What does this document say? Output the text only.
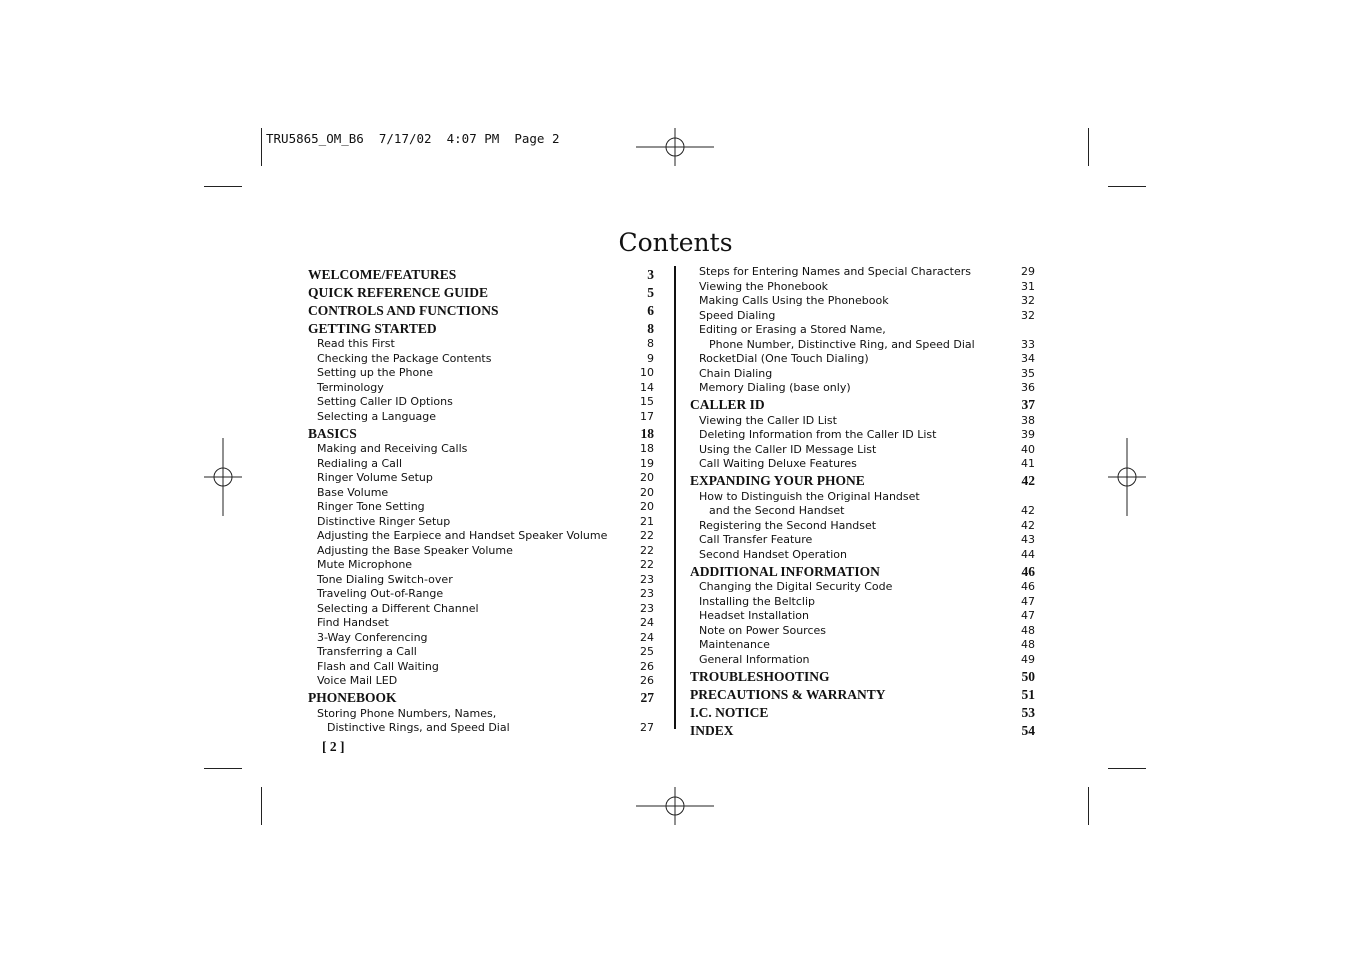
TRU5865_OM_B6  7/17/02  4:07 PM  Page 2
Contents
WELCOME/FEATURES	3
QUICK REFERENCE GUIDE	5
CONTROLS AND FUNCTIONS	6
GETTING STARTED	8
Read this First	8
Checking the Package Contents	9
Setting up the Phone	10
Terminology	14
Setting Caller ID Options	15
Selecting a Language	17
BASICS	18
Making and Receiving Calls	18
Redialing a Call	19
Ringer Volume Setup	20
Base Volume	20
Ringer Tone Setting	20
Distinctive Ringer Setup	21
Adjusting the Earpiece and Handset Speaker Volume	22
Adjusting the Base Speaker Volume	22
Mute Microphone	22
Tone Dialing Switch-over	23
Traveling Out-of-Range	23
Selecting a Different Channel	23
Find Handset	24
3-Way Conferencing	24
Transferring a Call	25
Flash and Call Waiting	26
Voice Mail LED	26
PHONEBOOK	27
Storing Phone Numbers, Names,
Distinctive Rings, and Speed Dial	27
Steps for Entering Names and Special Characters	29
Viewing the Phonebook	31
Making Calls Using the Phonebook	32
Speed Dialing	32
Editing or Erasing a Stored Name,
Phone Number, Distinctive Ring, and Speed Dial	33
RocketDial (One Touch Dialing)	34
Chain Dialing	35
Memory Dialing (base only)	36
CALLER ID	37
Viewing the Caller ID List	38
Deleting Information from the Caller ID List	39
Using the Caller ID Message List	40
Call Waiting Deluxe Features	41
EXPANDING YOUR PHONE	42
How to Distinguish the Original Handset
and the Second Handset	42
Registering the Second Handset	42
Call Transfer Feature	43
Second Handset Operation	44
ADDITIONAL INFORMATION	46
Changing the Digital Security Code	46
Installing the Beltclip	47
Headset Installation	47
Note on Power Sources	48
Maintenance	48
General Information	49
TROUBLESHOOTING	50
PRECAUTIONS & WARRANTY	51
I.C. NOTICE	53
INDEX	54
[ 2 ]
